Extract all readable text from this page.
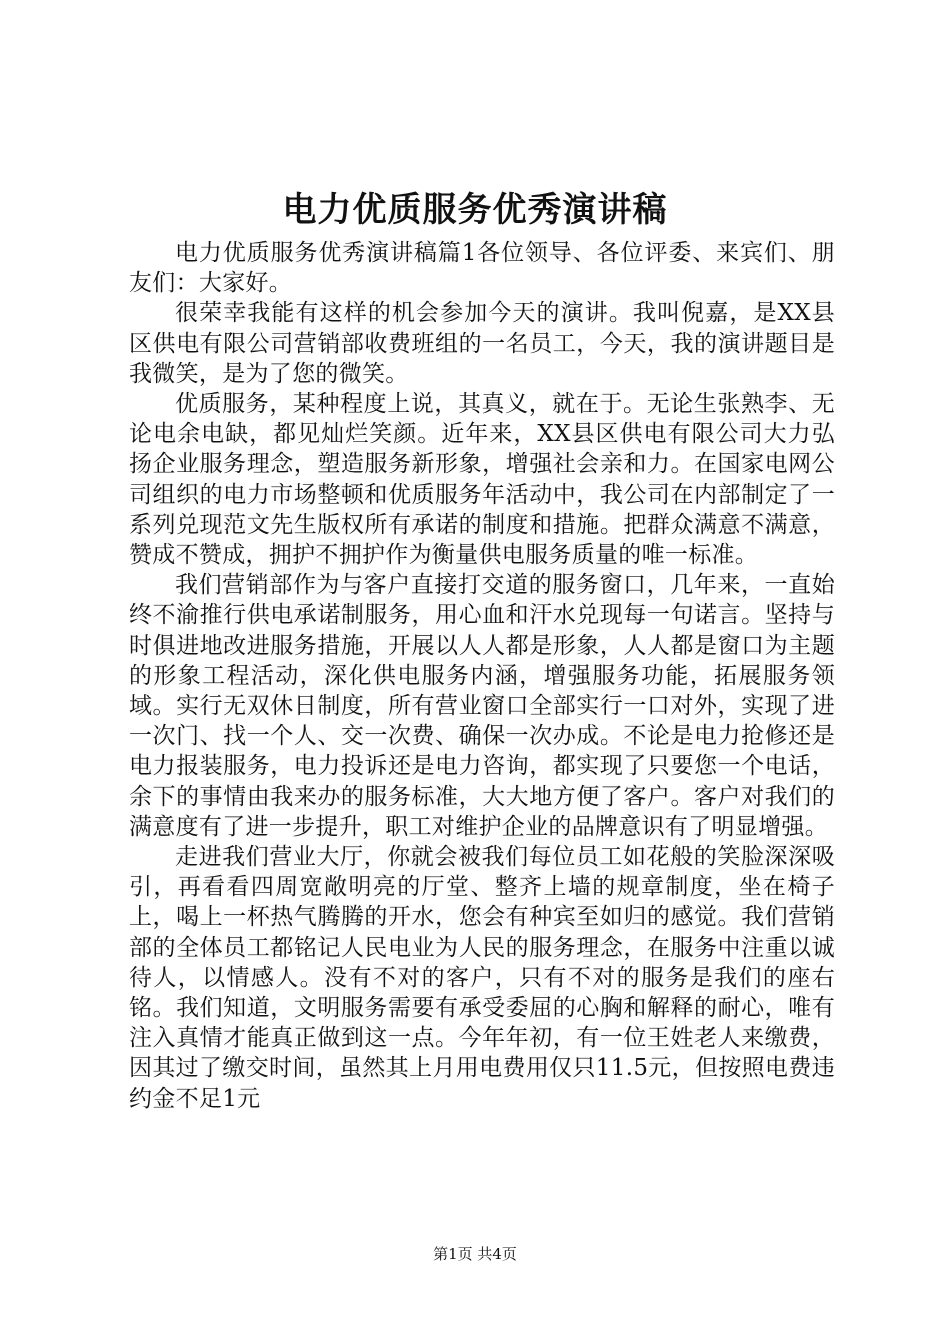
电力优质服务优秀演讲稿

电力优质服务优秀演讲稿篇1各位领导、各位评委、来宾们、朋友们：大家好。

很荣幸我能有这样的机会参加今天的演讲。我叫倪嘉，是XX县区供电有限公司营销部收费班组的一名员工，今天，我的演讲题目是我微笑，是为了您的微笑。

优质服务，某种程度上说，其真义，就在于。无论生张熟李、无论电余电缺，都见灿烂笑颜。近年来，XX县区供电有限公司大力弘扬企业服务理念，塑造服务新形象，增强社会亲和力。在国家电网公司组织的电力市场整顿和优质服务年活动中，我公司在内部制定了一系列兑现范文先生版权所有承诺的制度和措施。把群众满意不满意，赞成不赞成，拥护不拥护作为衡量供电服务质量的唯一标准。

我们营销部作为与客户直接打交道的服务窗口，几年来，一直始终不渝推行供电承诺制服务，用心血和汗水兑现每一句诺言。坚持与时俱进地改进服务措施，开展以人人都是形象，人人都是窗口为主题的形象工程活动，深化供电服务内涵，增强服务功能，拓展服务领域。实行无双休日制度，所有营业窗口全部实行一口对外，实现了进一次门、找一个人、交一次费、确保一次办成。不论是电力抢修还是电力报装服务，电力投诉还是电力咨询，都实现了只要您一个电话，余下的事情由我来办的服务标准，大大地方便了客户。客户对我们的满意度有了进一步提升，职工对维护企业的品牌意识有了明显增强。

走进我们营业大厅，你就会被我们每位员工如花般的笑脸深深吸引，再看看四周宽敞明亮的厅堂、整齐上墙的规章制度，坐在椅子上，喝上一杯热气腾腾的开水，您会有种宾至如归的感觉。我们营销部的全体员工都铭记人民电业为人民的服务理念，在服务中注重以诚待人，以情感人。没有不对的客户，只有不对的服务是我们的座右铭。我们知道，文明服务需要有承受委屈的心胸和解释的耐心，唯有注入真情才能真正做到这一点。今年年初，有一位王姓老人来缴费，因其过了缴交时间，虽然其上月用电费用仅只11.5元，但按照电费违约金不足1元

第1页 共4页
